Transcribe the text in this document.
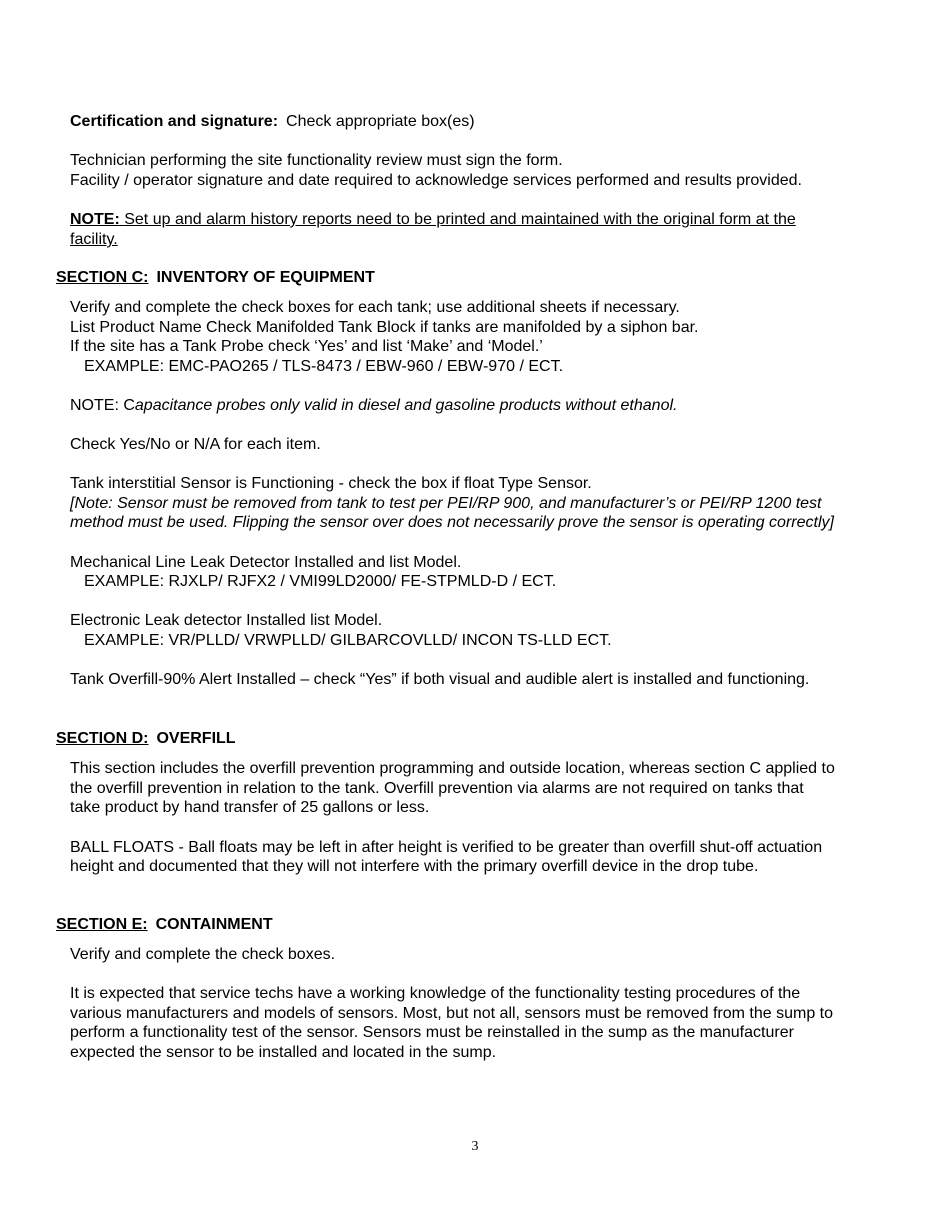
Certification and signature: Check appropriate box(es)
Technician performing the site functionality review must sign the form.
Facility / operator signature and date required to acknowledge services performed and results provided.
NOTE: Set up and alarm history reports need to be printed and maintained with the original form at the
facility.
SECTION C: INVENTORY OF EQUIPMENT
Verify and complete the check boxes for each tank; use additional sheets if necessary.
List Product Name Check Manifolded Tank Block if tanks are manifolded by a siphon bar.
If the site has a Tank Probe check ‘Yes’ and list ‘Make’ and ‘Model.’
EXAMPLE: EMC-PAO265 / TLS-8473 / EBW-960 / EBW-970 / ECT.
NOTE: Capacitance probes only valid in diesel and gasoline products without ethanol.
Check Yes/No or N/A for each item.
Tank interstitial Sensor is Functioning - check the box if float Type Sensor.
[Note: Sensor must be removed from tank to test per PEI/RP 900, and manufacturer’s or PEI/RP 1200 test
method must be used. Flipping the sensor over does not necessarily prove the sensor is operating correctly]
Mechanical Line Leak Detector Installed and list Model.
EXAMPLE: RJXLP/ RJFX2 / VMI99LD2000/ FE-STPMLD-D / ECT.
Electronic Leak detector Installed list Model.
EXAMPLE: VR/PLLD/ VRWPLLD/ GILBARCOVLLD/ INCON TS-LLD ECT.
Tank Overfill-90% Alert Installed – check “Yes” if both visual and audible alert is installed and functioning.
SECTION D: OVERFILL
This section includes the overfill prevention programming and outside location, whereas section C applied to
the overfill prevention in relation to the tank. Overfill prevention via alarms are not required on tanks that
take product by hand transfer of 25 gallons or less.
BALL FLOATS - Ball floats may be left in after height is verified to be greater than overfill shut-off actuation
height and documented that they will not interfere with the primary overfill device in the drop tube.
SECTION E: CONTAINMENT
Verify and complete the check boxes.
It is expected that service techs have a working knowledge of the functionality testing procedures of the
various manufacturers and models of sensors. Most, but not all, sensors must be removed from the sump to
perform a functionality test of the sensor. Sensors must be reinstalled in the sump as the manufacturer
expected the sensor to be installed and located in the sump.
3
